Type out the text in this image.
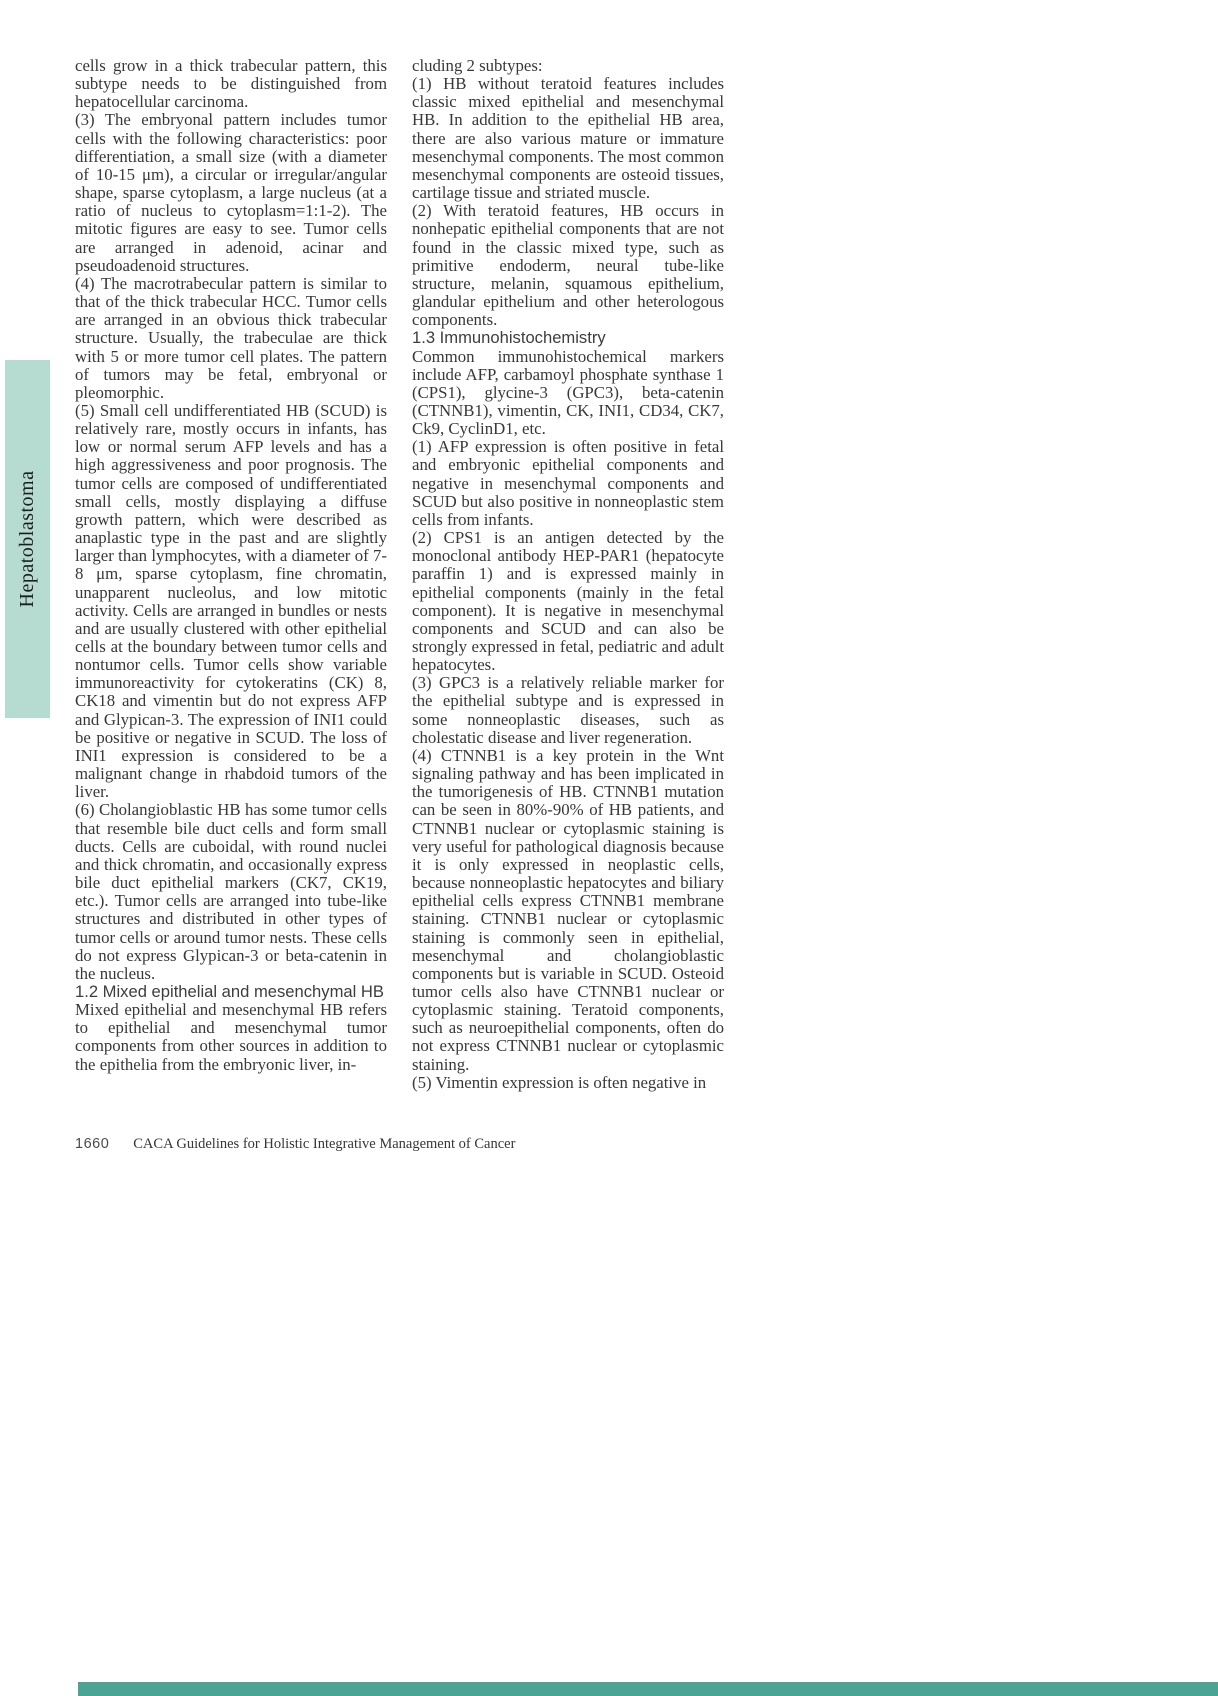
Hepatoblastoma

cells grow in a thick trabecular pattern, this subtype needs to be distinguished from hepatocellular carcinoma.

(3) The embryonal pattern includes tumor cells with the following characteristics: poor differentiation, a small size (with a diameter of 10-15 μm), a circular or irregular/angular shape, sparse cytoplasm, a large nucleus (at a ratio of nucleus to cytoplasm=1:1-2). The mitotic figures are easy to see. Tumor cells are arranged in adenoid, acinar and pseudoadenoid structures.

(4) The macrotrabecular pattern is similar to that of the thick trabecular HCC. Tumor cells are arranged in an obvious thick trabecular structure. Usually, the trabeculae are thick with 5 or more tumor cell plates. The pattern of tumors may be fetal, embryonal or pleomorphic.

(5) Small cell undifferentiated HB (SCUD) is relatively rare, mostly occurs in infants, has low or normal serum AFP levels and has a high aggressiveness and poor prognosis. The tumor cells are composed of undifferentiated small cells, mostly displaying a diffuse growth pattern, which were described as anaplastic type in the past and are slightly larger than lymphocytes, with a diameter of 7-8 μm, sparse cytoplasm, fine chromatin, unapparent nucleolus, and low mitotic activity. Cells are arranged in bundles or nests and are usually clustered with other epithelial cells at the boundary between tumor cells and nontumor cells. Tumor cells show variable immunoreactivity for cytokeratins (CK) 8, CK18 and vimentin but do not express AFP and Glypican-3. The expression of INI1 could be positive or negative in SCUD. The loss of INI1 expression is considered to be a malignant change in rhabdoid tumors of the liver.

(6) Cholangioblastic HB has some tumor cells that resemble bile duct cells and form small ducts. Cells are cuboidal, with round nuclei and thick chromatin, and occasionally express bile duct epithelial markers (CK7, CK19, etc.). Tumor cells are arranged into tube-like structures and distributed in other types of tumor cells or around tumor nests. These cells do not express Glypican-3 or beta-catenin in the nucleus.

1.2 Mixed epithelial and mesenchymal HB

Mixed epithelial and mesenchymal HB refers to epithelial and mesenchymal tumor components from other sources in addition to the epithelia from the embryonic liver, in-

cluding 2 subtypes:

(1) HB without teratoid features includes classic mixed epithelial and mesenchymal HB. In addition to the epithelial HB area, there are also various mature or immature mesenchymal components. The most common mesenchymal components are osteoid tissues, cartilage tissue and striated muscle.

(2) With teratoid features, HB occurs in nonhepatic epithelial components that are not found in the classic mixed type, such as primitive endoderm, neural tube-like structure, melanin, squamous epithelium, glandular epithelium and other heterologous components.

1.3 Immunohistochemistry

Common immunohistochemical markers include AFP, carbamoyl phosphate synthase 1 (CPS1), glycine-3 (GPC3), beta-catenin (CTNNB1), vimentin, CK, INI1, CD34, CK7, Ck9, CyclinD1, etc.

(1) AFP expression is often positive in fetal and embryonic epithelial components and negative in mesenchymal components and SCUD but also positive in nonneoplastic stem cells from infants.

(2) CPS1 is an antigen detected by the monoclonal antibody HEP-PAR1 (hepatocyte paraffin 1) and is expressed mainly in epithelial components (mainly in the fetal component). It is negative in mesenchymal components and SCUD and can also be strongly expressed in fetal, pediatric and adult hepatocytes.

(3) GPC3 is a relatively reliable marker for the epithelial subtype and is expressed in some nonneoplastic diseases, such as cholestatic disease and liver regeneration.

(4) CTNNB1 is a key protein in the Wnt signaling pathway and has been implicated in the tumorigenesis of HB. CTNNB1 mutation can be seen in 80%-90% of HB patients, and CTNNB1 nuclear or cytoplasmic staining is very useful for pathological diagnosis because it is only expressed in neoplastic cells, because nonneoplastic hepatocytes and biliary epithelial cells express CTNNB1 membrane staining. CTNNB1 nuclear or cytoplasmic staining is commonly seen in epithelial, mesenchymal and cholangioblastic components but is variable in SCUD. Osteoid tumor cells also have CTNNB1 nuclear or cytoplasmic staining. Teratoid components, such as neuroepithelial components, often do not express CTNNB1 nuclear or cytoplasmic staining.

(5) Vimentin expression is often negative in

1660 CACA Guidelines for Holistic Integrative Management of Cancer
